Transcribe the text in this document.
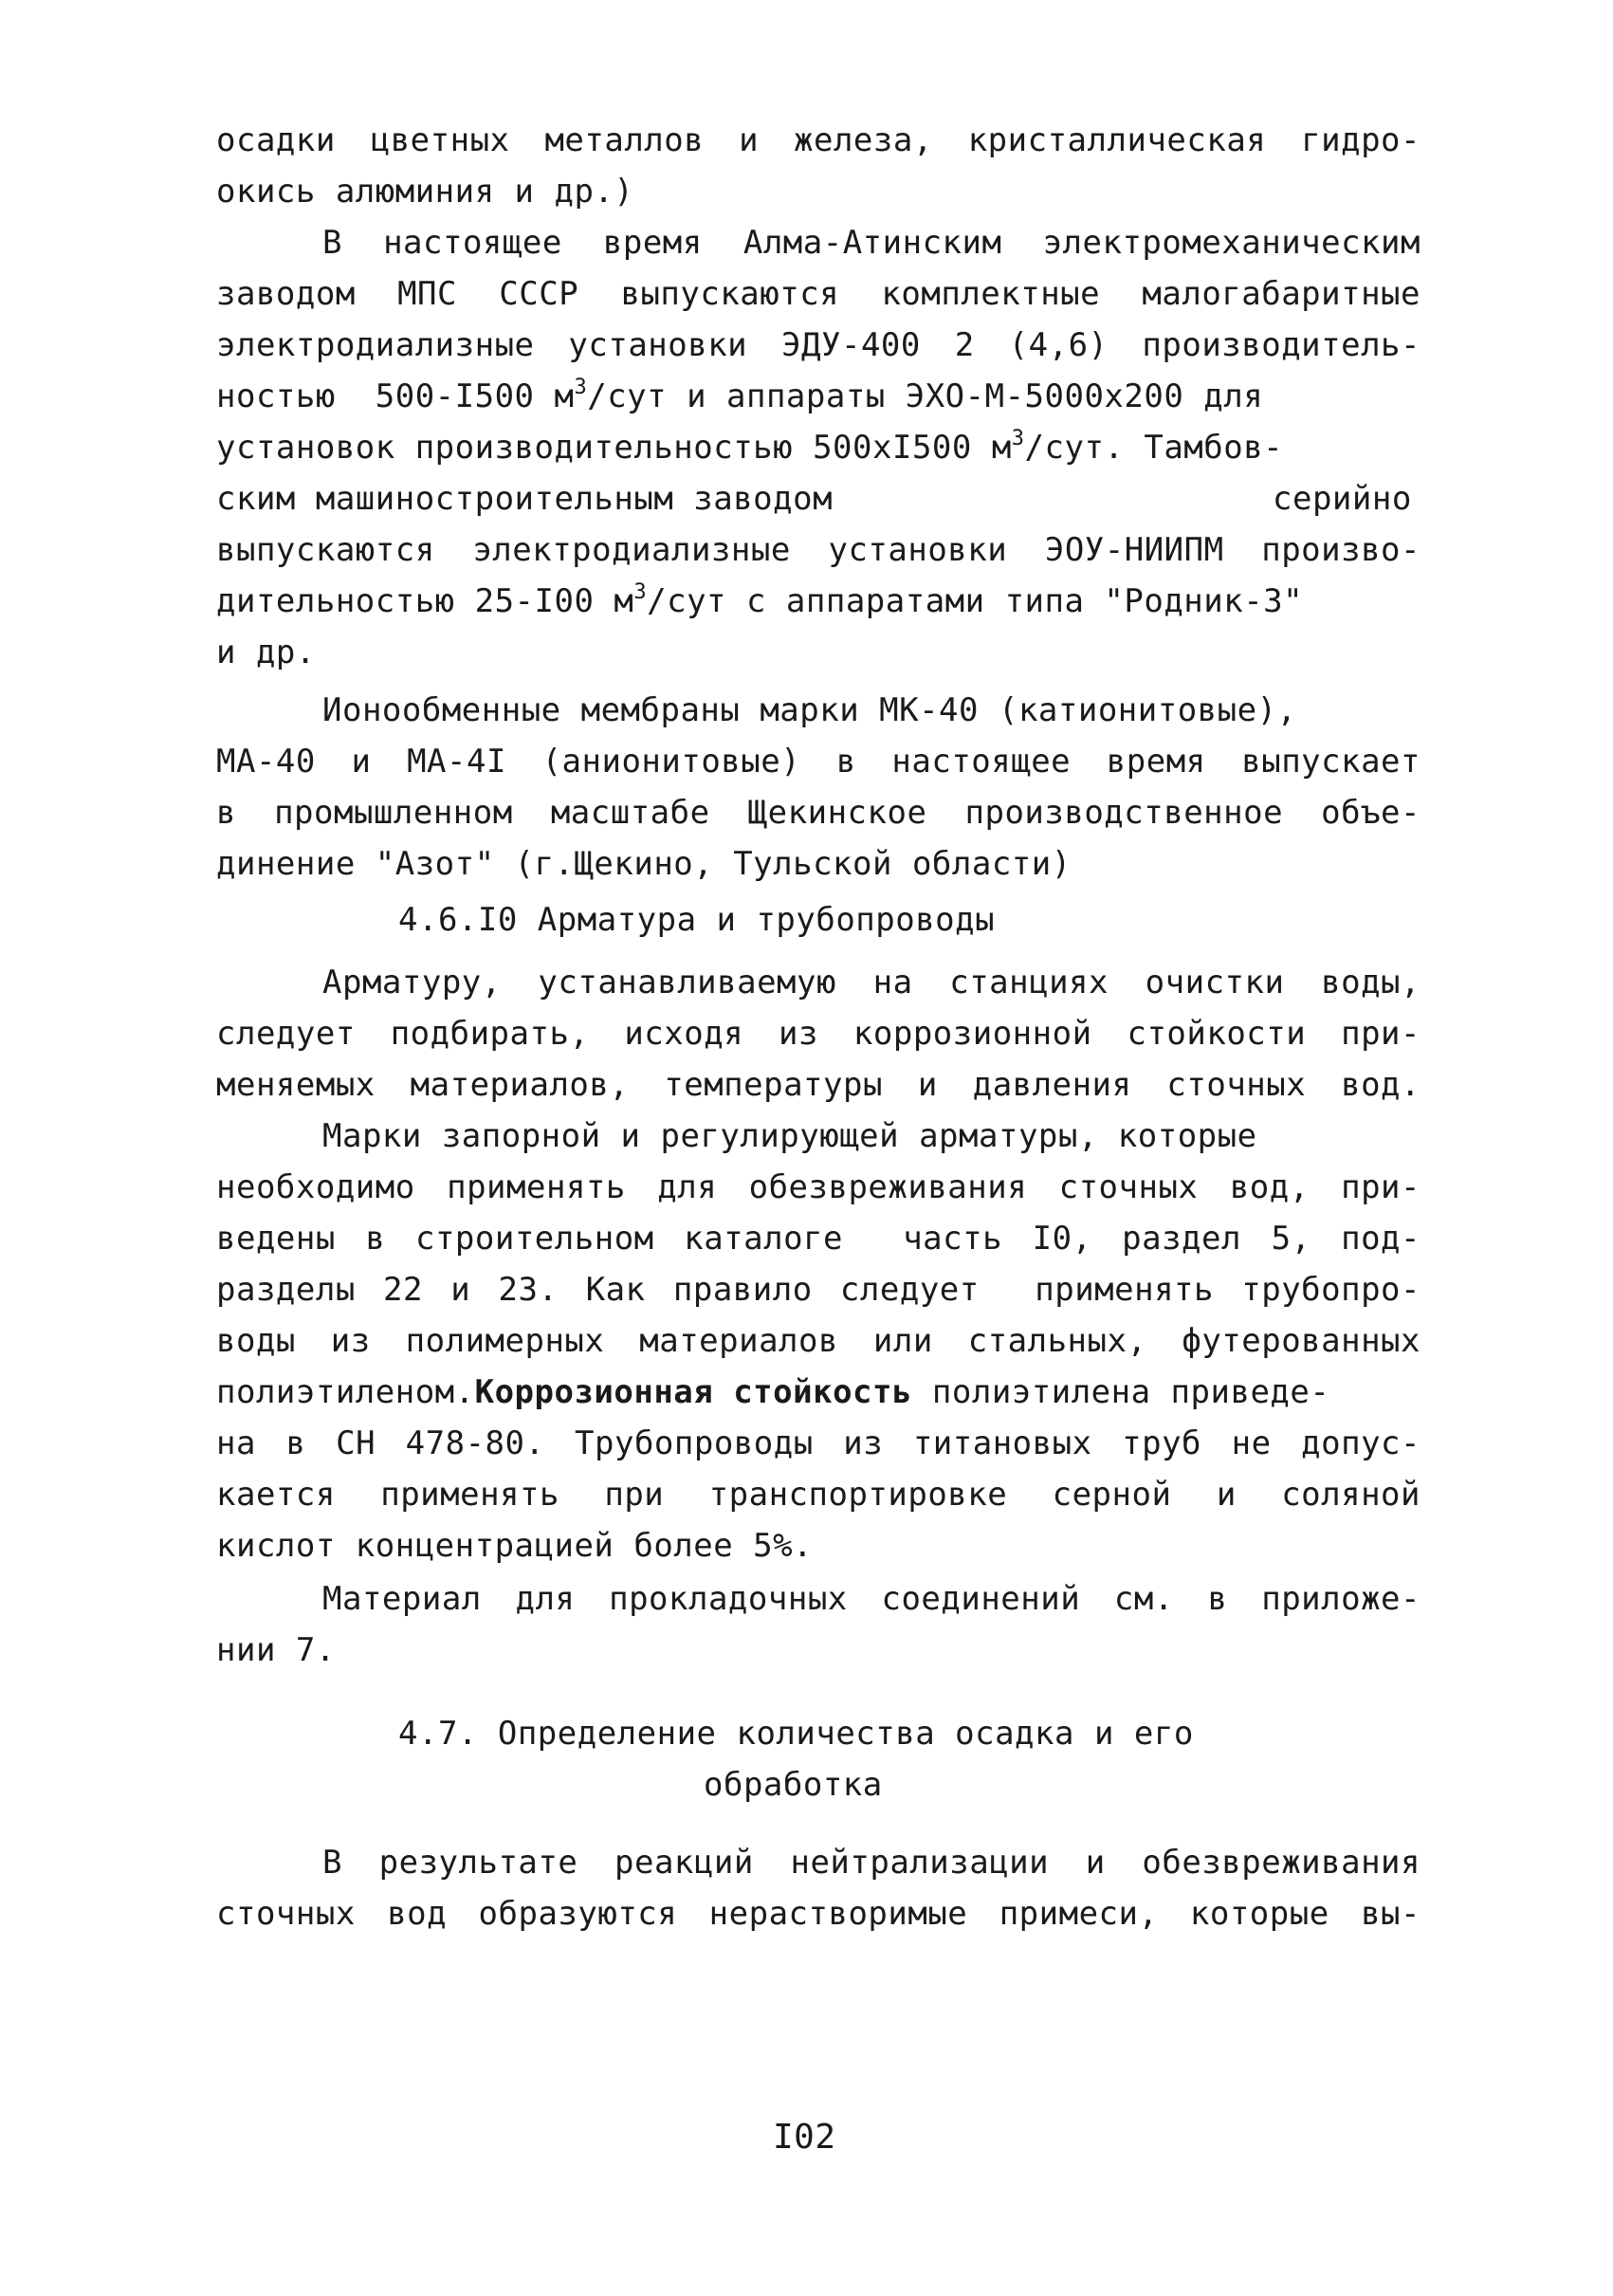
осадки цветных металлов и железа, кристаллическая гидро-
окись алюминия и др.)
В настоящее время Алма-Атинским электромеханическим
заводом МПС СССР выпускаются комплектные малогабаритные
электродиализные установки ЭДУ-400 2 (4,6) производитель-
ностью  500-I500 $м^3$/сут и аппараты ЭХО-М-5000х200 для
установок производительностью 500хI500 $м^3$/сут. Тамбов-
ским машиностроительным заводом	серийно
выпускаются электродиализные установки ЭОУ-НИИПМ произво-
дительностью 25-I00 $м^3$/сут с аппаратами типа "Родник-3"
и др.
Ионообменные мембраны марки МК-40 (катионитовые),
МА-40 и МА-4I (анионитовые) в настоящее время выпускает
в промышленном масштабе Щекинское производственное объе-
динение "Азот" (г.Щекино, Тульской области)
4.6.I0 Арматура и трубопроводы
Арматуру, устанавливаемую на станциях очистки воды,
следует подбирать, исходя из коррозионной стойкости при-
меняемых материалов, температуры и давления сточных вод.
Марки запорной и регулирующей арматуры, которые
необходимо применять для обезвреживания сточных вод, при-
ведены в строительном каталоге  часть I0, раздел 5, под-
разделы 22 и 23. Как правило следует  применять трубопро-
воды из полимерных материалов или стальных, футерованных
полиэтиленом.Коррозионная стойкость полиэтилена приведе-
на в СН 478-80. Трубопроводы из титановых труб не допус-
кается применять при транспортировке серной и соляной
кислот концентрацией более 5%.
Материал для прокладочных соединений см. в приложе-
нии 7.
4.7. Определение количества осадка и его
обработка
В результате реакций нейтрализации и обезвреживания
сточных вод образуются нерастворимые примеси, которые вы-
I02
